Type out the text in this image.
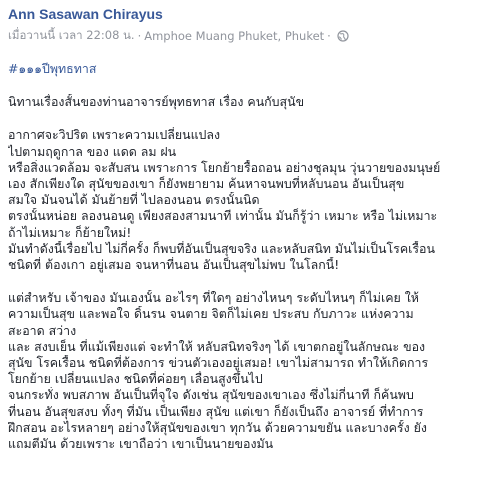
Ann Sasawan Chirayus
เมื่อวานนี้ เวลา 22:08 น. · Amphoe Muang Phuket, Phuket ·

#๑๑๑ปีพุทธทาส

นิทานเรื่องสั้นของท่านอาจารย์พุทธทาส เรื่อง คนกับสุนัข

อากาศจะวิปริต เพราะความเปลี่ยนแปลง

ไปตามฤดูกาล ของ แดด ลม ฝน

หรือสิ่งแวดล้อม จะสับสน เพราะการ โยกย้ายรื้อถอน อย่างชุลมุน วุ่นวายของมนุษย์

เอง สักเพียงใด สุนัขของเขา ก็ยังพยายาม ค้นหาจนพบที่หลับนอน อันเป็นสุข

สมใจ มันจนได้ มันย้ายที่ ไปลองนอน ตรงนั้นนิด

ตรงนั้นหน่อย ลองนอนดู เพียงสองสามนาที เท่านั้น มันก็รู้ว่า เหมาะ หรือ ไม่เหมาะ

ถ้าไม่เหมาะ ก็ย้ายใหม่!

มันทำดังนี้เรื่อยไป ไม่กี่ครั้ง ก็พบที่อันเป็นสุขจริง และหลับสนิท มันไม่เป็นโรคเรื้อน

ชนิดที่ ต้องเกา อยู่เสมอ จนหาที่นอน อันเป็นสุขไม่พบ ในโลกนี้!

แต่สำหรับ เจ้าของ มันเองนั้น อะไรๆ ที่ใดๆ อย่างไหนๆ ระดับไหนๆ ก็ไม่เคย ให้

ความเป็นสุข และพอใจ ดิ้นรน จนตาย จิตก็ไม่เคย ประสบ กับภาวะ แห่งความ

สะอาด สว่าง

และ สงบเย็น ที่แม้เพียงแต่ จะทำให้ หลับสนิทจริงๆ ได้ เขาตกอยู่ในลักษณะ ของ

สุนัข โรคเรื้อน ชนิดที่ต้องการ ข่วนตัวเองอยู่เสมอ! เขาไม่สามารถ ทำให้เกิดการ

โยกย้าย เปลี่ยนแปลง ชนิดที่ค่อยๆ เลื่อนสูงขึ้นไป

จนกระทั่ง พบสภาพ อันเป็นที่จุใจ ดังเช่น สุนัขของเขาเอง ซึ่งไม่กี่นาที ก็ค้นพบ

ที่นอน อันสุขสงบ ทั้งๆ ที่มัน เป็นเพียง สุนัข แต่เขา ก็ยังเป็นถึง อาจารย์ ที่ทำการ

ฝึกสอน อะไรหลายๆ อย่างให้สุนัขของเขา ทุกวัน ด้วยความขยัน และบางครั้ง ยัง

แถมตีมัน ด้วยเพราะ เขาถือว่า เขาเป็นนายของมัน
